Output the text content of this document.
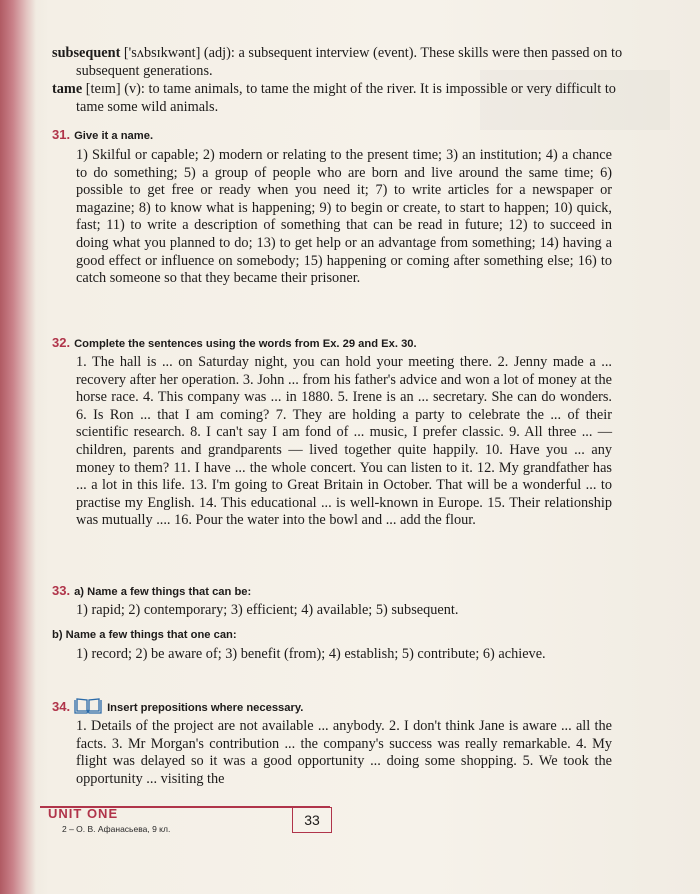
subsequent ['sʌbsɪkwənt] (adj): a subsequent interview (event). These skills were then passed on to subsequent generations.

tame [teɪm] (v): to tame animals, to tame the might of the river. It is impossible or very difficult to tame some wild animals.

31. Give it a name.

1) Skilful or capable; 2) modern or relating to the present time; 3) an institution; 4) a chance to do something; 5) a group of people who are born and live around the same time; 6) possible to get free or ready when you need it; 7) to write articles for a newspaper or magazine; 8) to know what is happening; 9) to begin or create, to start to happen; 10) quick, fast; 11) to write a description of something that can be read in future; 12) to succeed in doing what you planned to do; 13) to get help or an advantage from something; 14) having a good effect or influence on somebody; 15) happening or coming after something else; 16) to catch someone so that they became their prisoner.

32. Complete the sentences using the words from Ex. 29 and Ex. 30.

1. The hall is ... on Saturday night, you can hold your meeting there. 2. Jenny made a ... recovery after her operation. 3. John ... from his father's advice and won a lot of money at the horse race. 4. This company was ... in 1880. 5. Irene is an ... secretary. She can do wonders. 6. Is Ron ... that I am coming? 7. They are holding a party to celebrate the ... of their scientific research. 8. I can't say I am fond of ... music, I prefer classic. 9. All three ... — children, parents and grandparents — lived together quite happily. 10. Have you ... any money to them? 11. I have ... the whole concert. You can listen to it. 12. My grandfather has ... a lot in this life. 13. I'm going to Great Britain in October. That will be a wonderful ... to practise my English. 14. This educational ... is well-known in Europe. 15. Their relationship was mutually .... 16. Pour the water into the bowl and ... add the flour.

33. a) Name a few things that can be:

1) rapid; 2) contemporary; 3) efficient; 4) available; 5) subsequent.

b) Name a few things that one can:

1) record; 2) be aware of; 3) benefit (from); 4) establish; 5) contribute; 6) achieve.

34.	Insert prepositions where necessary.

1. Details of the project are not available ... anybody. 2. I don't think Jane is aware ... all the facts. 3. Mr Morgan's contribution ... the company's success was really remarkable. 4. My flight was delayed so it was a good opportunity ... doing some shopping. 5. We took the opportunity ... visiting the

UNIT ONE
2 – О. В. Афанасьева, 9 кл.
33
